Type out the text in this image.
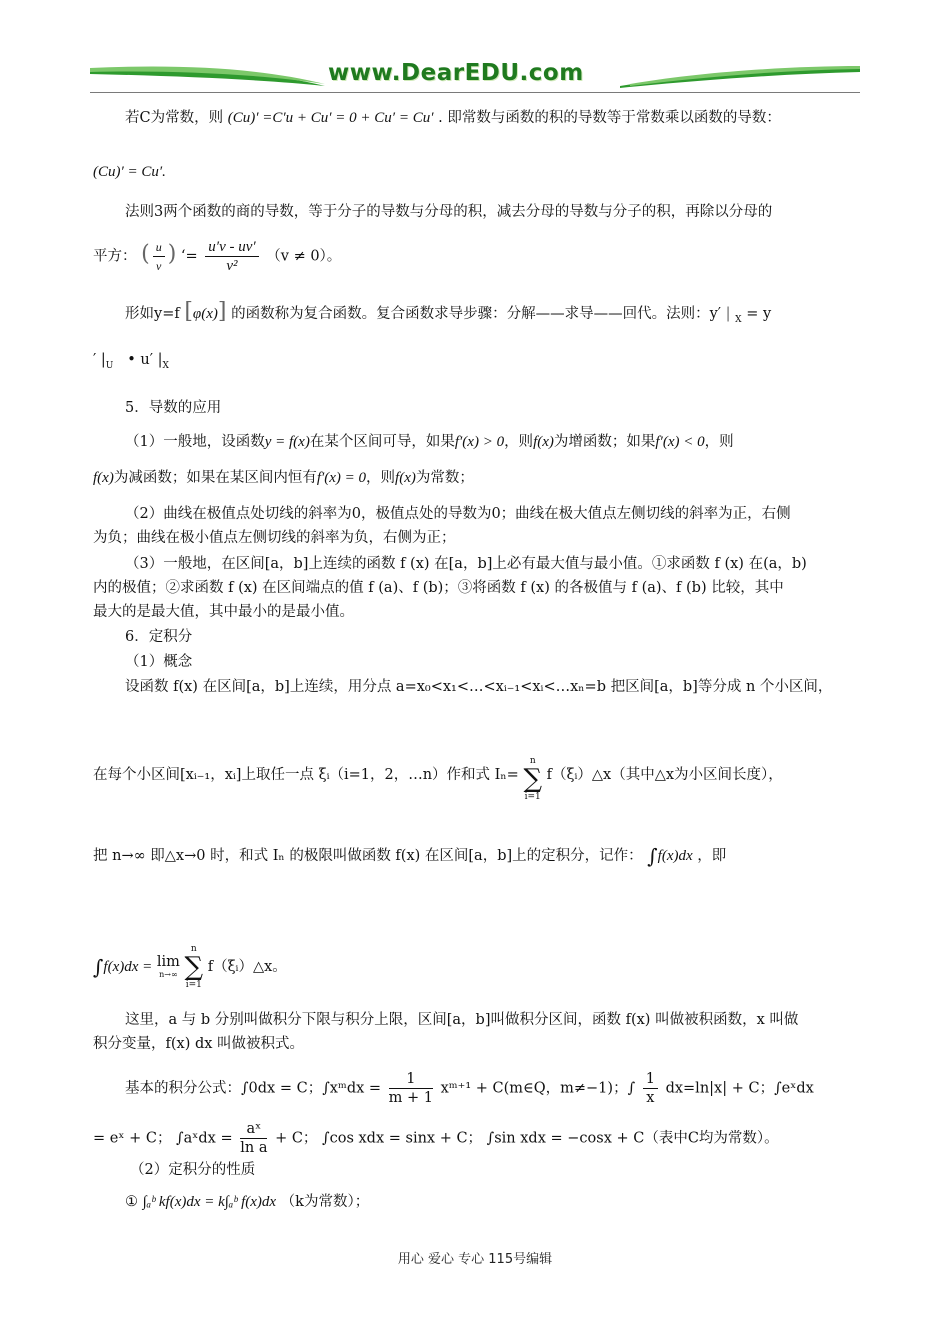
www.DearEDU.com
若C为常数，则 (Cu)′ =C′u + Cu′ = 0 + Cu′ = Cu′ . 即常数与函数的积的导数等于常数乘以函数的导数：
(Cu)′ = Cu′.
法则3两个函数的商的导数，等于分子的导数与分母的积，减去分母的导数与分子的积，再除以分母的
平方： ( $\frac{u}{v}$ ) ‘= $\frac{u'v - uv'}{\text{v²}} (v \ne 0)$。
形如y=f [φ(x)] 的函数称为复合函数。复合函数求导步骤：分解——求导——回代。法则：y′ | $_X$ = y
′ $|_U$ • u′ $|_X$
5．导数的应用
（1）一般地，设函数y = f(x)在某个区间可导，如果f′(x) > 0，则f(x)为增函数；如果f′(x) < 0，则
f(x)为减函数；如果在某区间内恒有f′(x) = 0，则f(x)为常数；
（2）曲线在极值点处切线的斜率为0，极值点处的导数为0；曲线在极大值点左侧切线的斜率为正，右侧
为负；曲线在极小值点左侧切线的斜率为负，右侧为正；
（3）一般地，在区间[a，b]上连续的函数 f (x) 在[a，b]上必有最大值与最小值。①求函数 f (x) 在(a，b)
内的极值；②求函数 f (x) 在区间端点的值 f (a)、f (b)；③将函数 f (x) 的各极值与 f (a)、f (b) 比较，其中
最大的是最大值，其中最小的是最小值。
6．定积分
（1）概念
设函数 f(x) 在区间[a，b]上连续，用分点 a=x₀<x₁<…<xᵢ₋₁<xᵢ<…xₙ=b 把区间[a，b]等分成 n 个小区间，
在每个小区间[xᵢ₋₁，xᵢ]上取任一点 ξᵢ（i=1，2，…n）作和式 Iₙ=
n
∑
i=1
f（ξᵢ）△x（其中△x为小区间长度），
把 n→∞ 即△x→0 时，和式 Iₙ 的极限叫做函数 f(x) 在区间[a，b]上的定积分，记作： ∫f(x)dx ，即
∫f(x)dx = lim
n→∞

n
∑
i=1
f（ξᵢ）△x。
这里，a 与 b 分别叫做积分下限与积分上限，区间[a，b]叫做积分区间，函数 f(x) 叫做被积函数，x 叫做
积分变量，f(x) dx 叫做被积式。
基本的积分公式：∫0dx = C；∫xᵐdx = $\frac{1}{m + 1}$ xᵐ⁺¹ + C(m∈Q，m≠−1)；∫ $\frac{1}{x} dx=\ln|x| + C$；∫eˣdx
= eˣ + C； ∫aˣdx = $\frac{\text{aˣ}}{\text{ln a}} + C$； ∫cos xdx = sinx + C； ∫sin xdx = −cosx + C（表中C均为常数）。
（2）定积分的性质
① ∫ₐᵇ kf(x)dx = k∫ₐᵇ f(x)dx （k为常数）；
用心 爱心 专心 115号编辑
